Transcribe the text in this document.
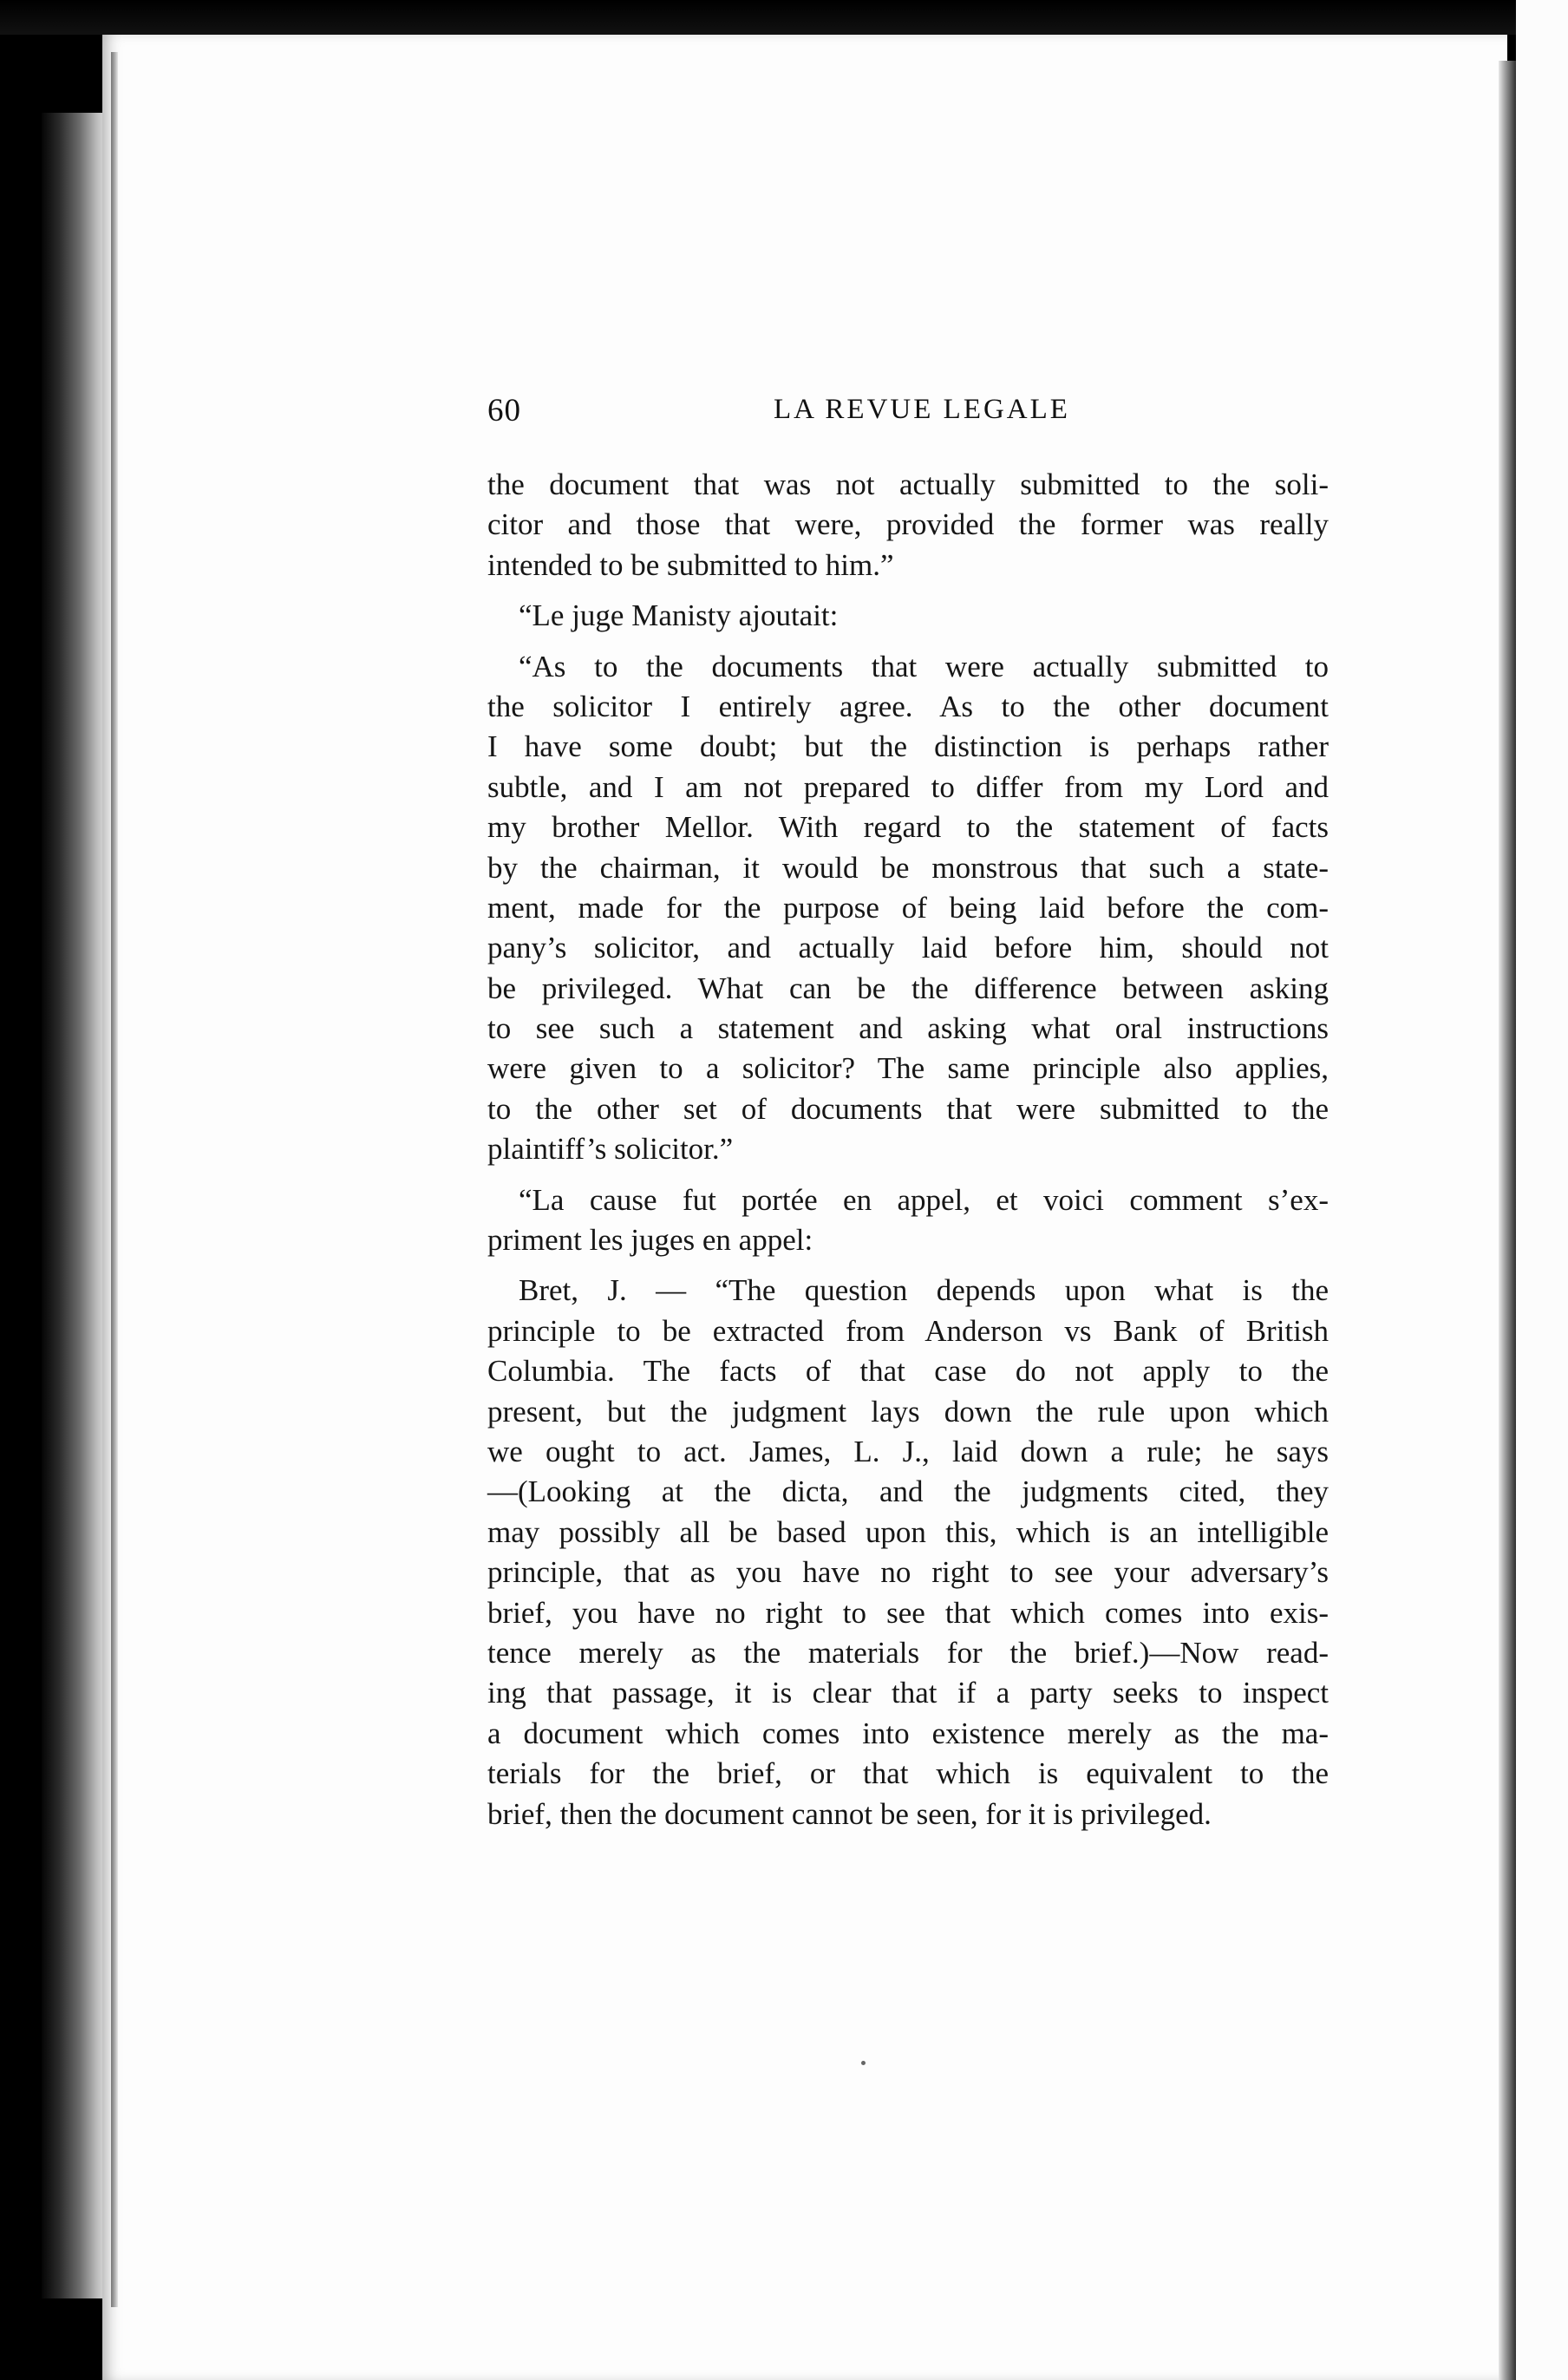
60	LA REVUE LEGALE
the document that was not actually submitted to the soli-
citor and those that were, provided the former was really
intended to be submitted to him.”
“Le juge Manisty ajoutait:
“As to the documents that were actually submitted to
the solicitor I entirely agree. As to the other document
I have some doubt; but the distinction is perhaps rather
subtle, and I am not prepared to differ from my Lord and
my brother Mellor. With regard to the statement of facts
by the chairman, it would be monstrous that such a state-
ment, made for the purpose of being laid before the com-
pany’s solicitor, and actually laid before him, should not
be privileged. What can be the difference between asking
to see such a statement and asking what oral instructions
were given to a solicitor? The same principle also applies,
to the other set of documents that were submitted to the
plaintiff’s solicitor.”
“La cause fut portée en appel, et voici comment s’ex-
priment les juges en appel:
Bret, J. — “The question depends upon what is the
principle to be extracted from Anderson vs Bank of British
Columbia. The facts of that case do not apply to the
present, but the judgment lays down the rule upon which
we ought to act. James, L. J., laid down a rule; he says
—(Looking at the dicta, and the judgments cited, they
may possibly all be based upon this, which is an intelligible
principle, that as you have no right to see your adversary’s
brief, you have no right to see that which comes into exis-
tence merely as the materials for the brief.)—Now read-
ing that passage, it is clear that if a party seeks to inspect
a document which comes into existence merely as the ma-
terials for the brief, or that which is equivalent to the
brief, then the document cannot be seen, for it is privileged.
